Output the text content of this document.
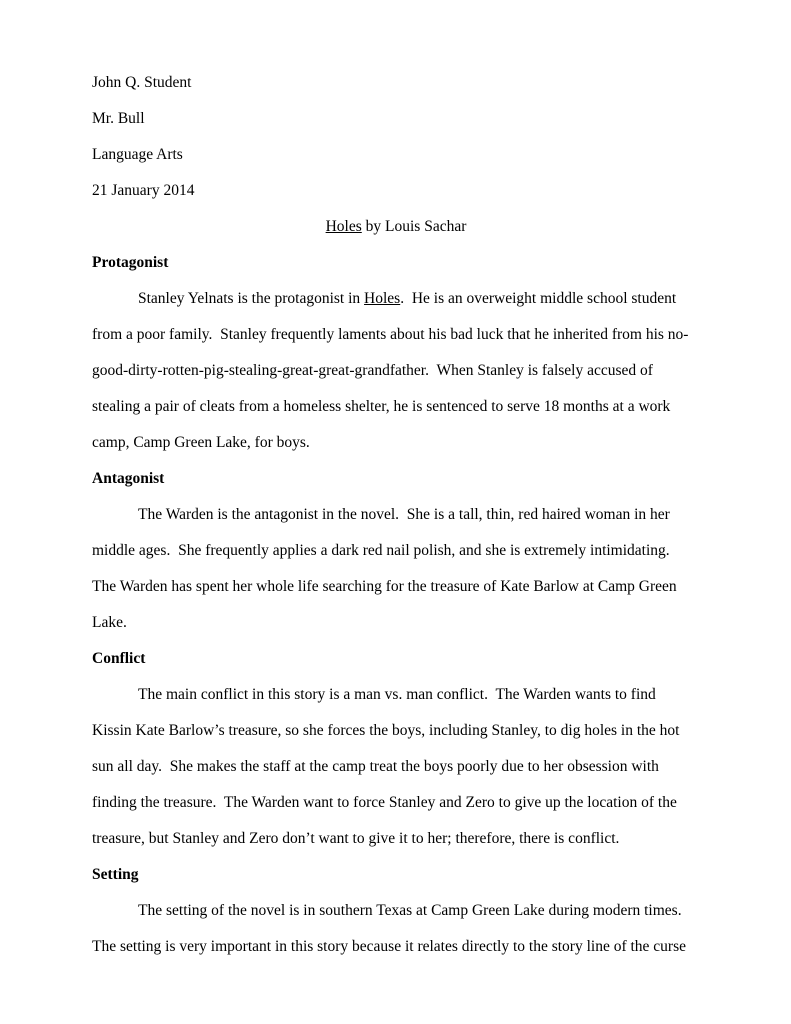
John Q. Student
Mr. Bull
Language Arts
21 January 2014
Holes by Louis Sachar
Protagonist
Stanley Yelnats is the protagonist in Holes.  He is an overweight middle school student
from a poor family.  Stanley frequently laments about his bad luck that he inherited from his no-
good-dirty-rotten-pig-stealing-great-great-grandfather.  When Stanley is falsely accused of
stealing a pair of cleats from a homeless shelter, he is sentenced to serve 18 months at a work
camp, Camp Green Lake, for boys.
Antagonist
The Warden is the antagonist in the novel.  She is a tall, thin, red haired woman in her
middle ages.  She frequently applies a dark red nail polish, and she is extremely intimidating.
The Warden has spent her whole life searching for the treasure of Kate Barlow at Camp Green
Lake.
Conflict
The main conflict in this story is a man vs. man conflict.  The Warden wants to find
Kissin Kate Barlow’s treasure, so she forces the boys, including Stanley, to dig holes in the hot
sun all day.  She makes the staff at the camp treat the boys poorly due to her obsession with
finding the treasure.  The Warden want to force Stanley and Zero to give up the location of the
treasure, but Stanley and Zero don’t want to give it to her; therefore, there is conflict.
Setting
The setting of the novel is in southern Texas at Camp Green Lake during modern times.
The setting is very important in this story because it relates directly to the story line of the curse
